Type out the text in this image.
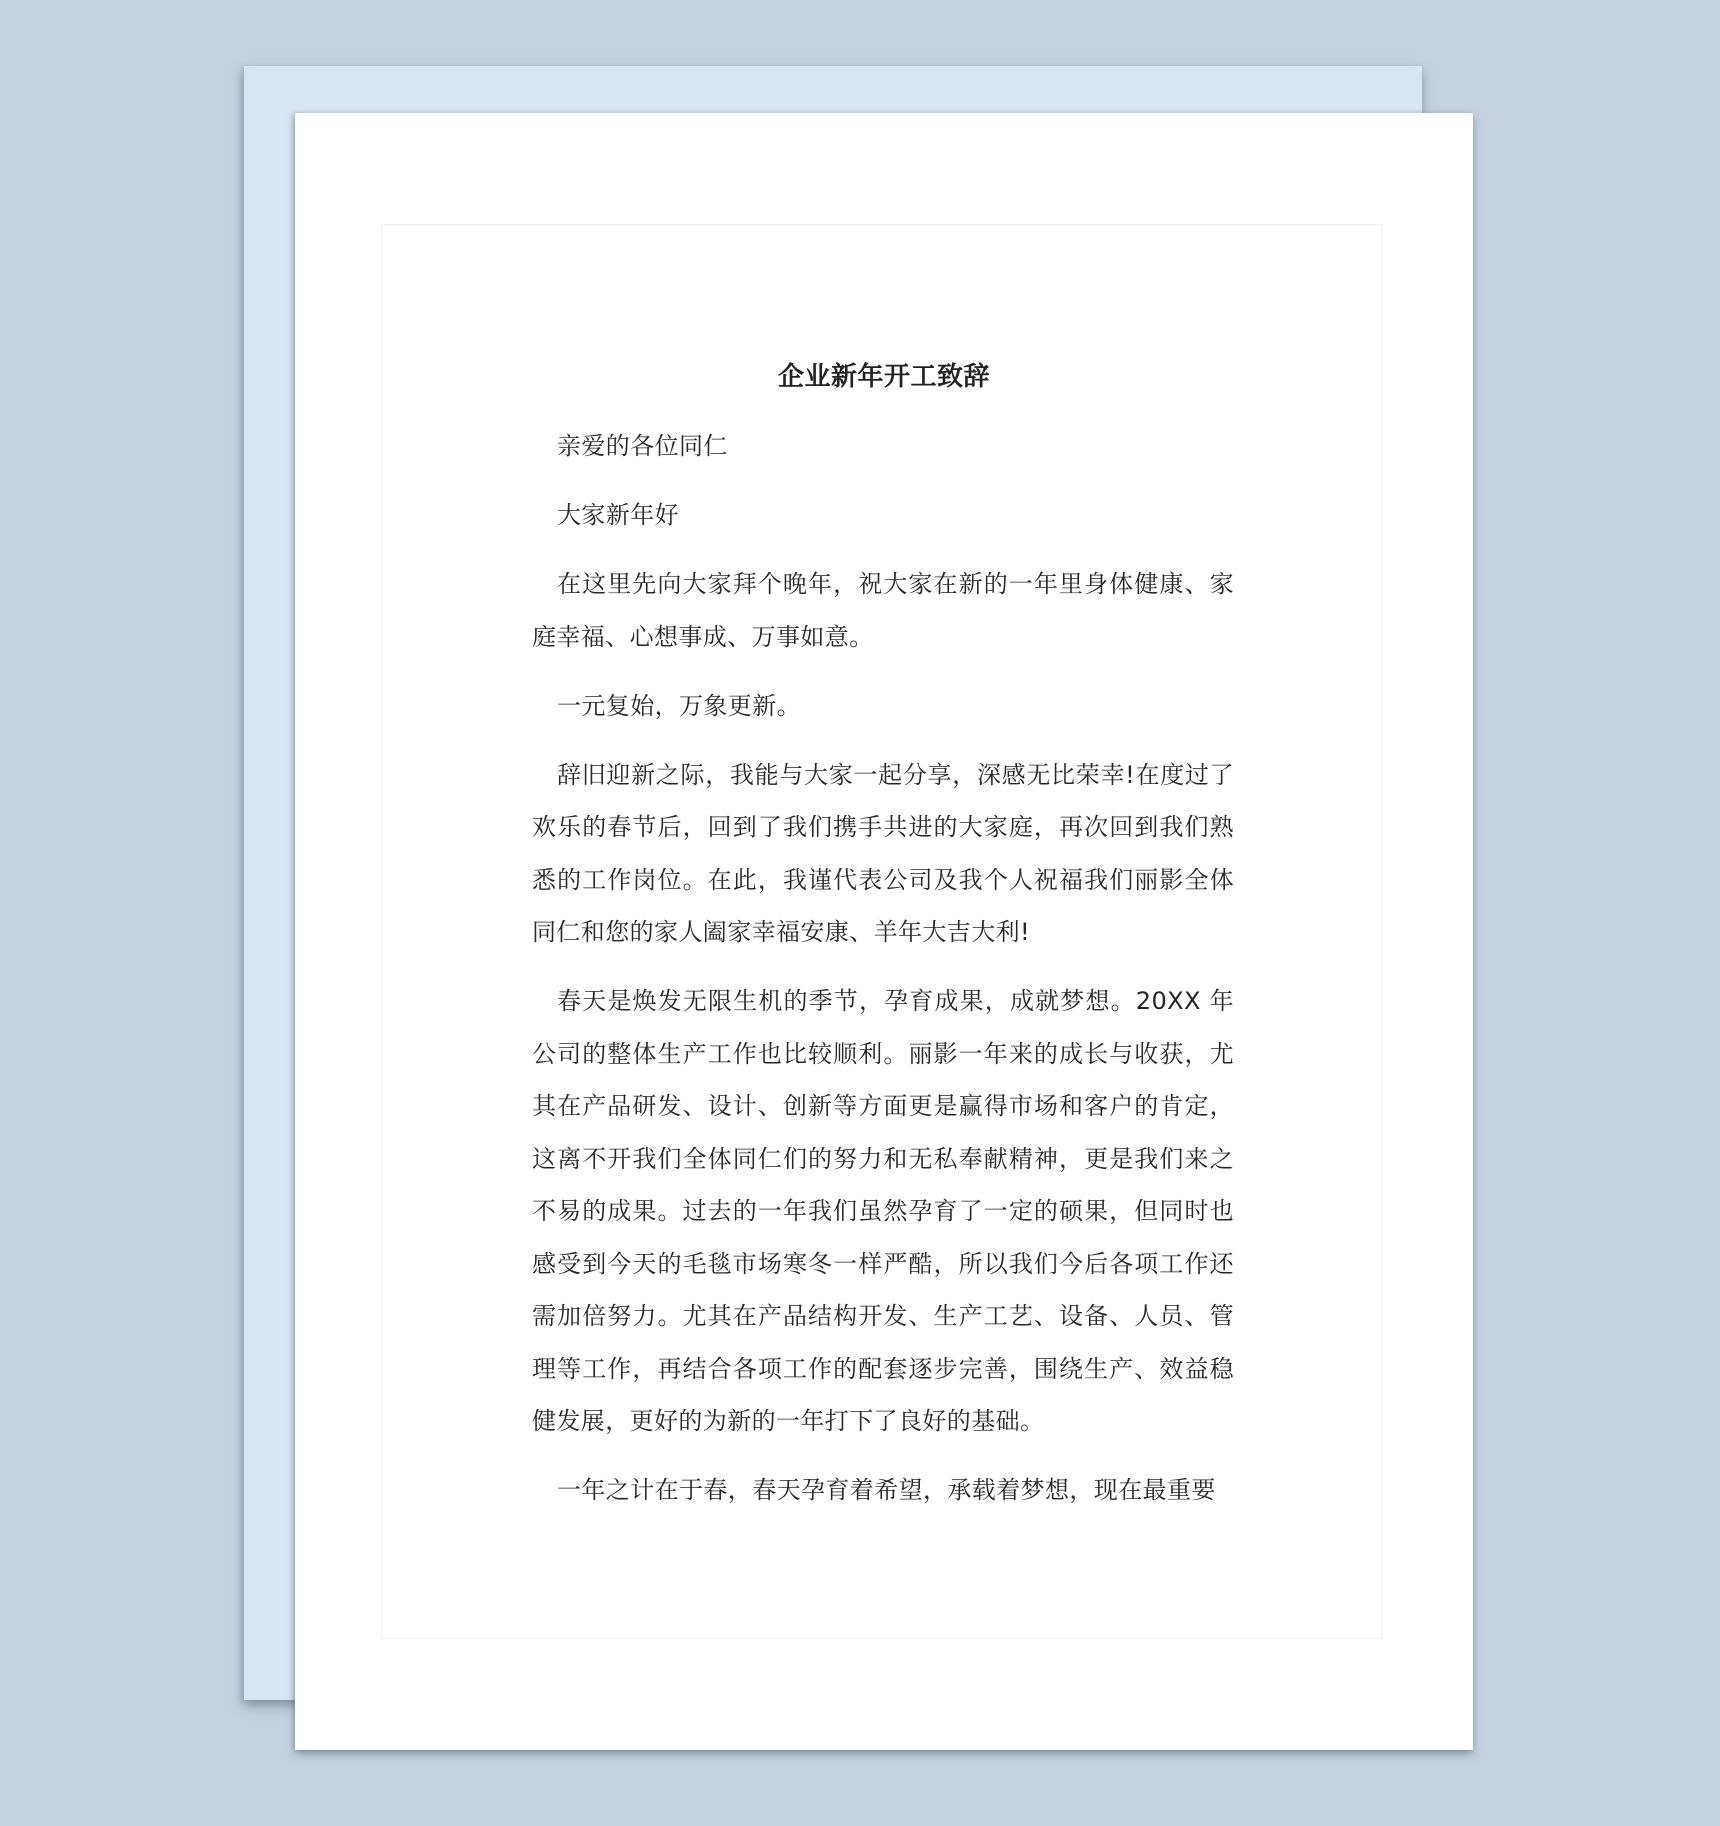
企业新年开工致辞

亲爱的各位同仁

大家新年好

在这里先向大家拜个晚年，祝大家在新的一年里身体健康、家庭幸福、心想事成、万事如意。

一元复始，万象更新。

辞旧迎新之际，我能与大家一起分享，深感无比荣幸!在度过了欢乐的春节后，回到了我们携手共进的大家庭，再次回到我们熟悉的工作岗位。在此，我谨代表公司及我个人祝福我们丽影全体同仁和您的家人阖家幸福安康、羊年大吉大利!

春天是焕发无限生机的季节，孕育成果，成就梦想。20XX 年公司的整体生产工作也比较顺利。丽影一年来的成长与收获，尤其在产品研发、设计、创新等方面更是赢得市场和客户的肯定，这离不开我们全体同仁们的努力和无私奉献精神，更是我们来之不易的成果。过去的一年我们虽然孕育了一定的硕果，但同时也感受到今天的毛毯市场寒冬一样严酷，所以我们今后各项工作还需加倍努力。尤其在产品结构开发、生产工艺、设备、人员、管理等工作，再结合各项工作的配套逐步完善，围绕生产、效益稳健发展，更好的为新的一年打下了良好的基础。

一年之计在于春，春天孕育着希望，承载着梦想，现在最重要
